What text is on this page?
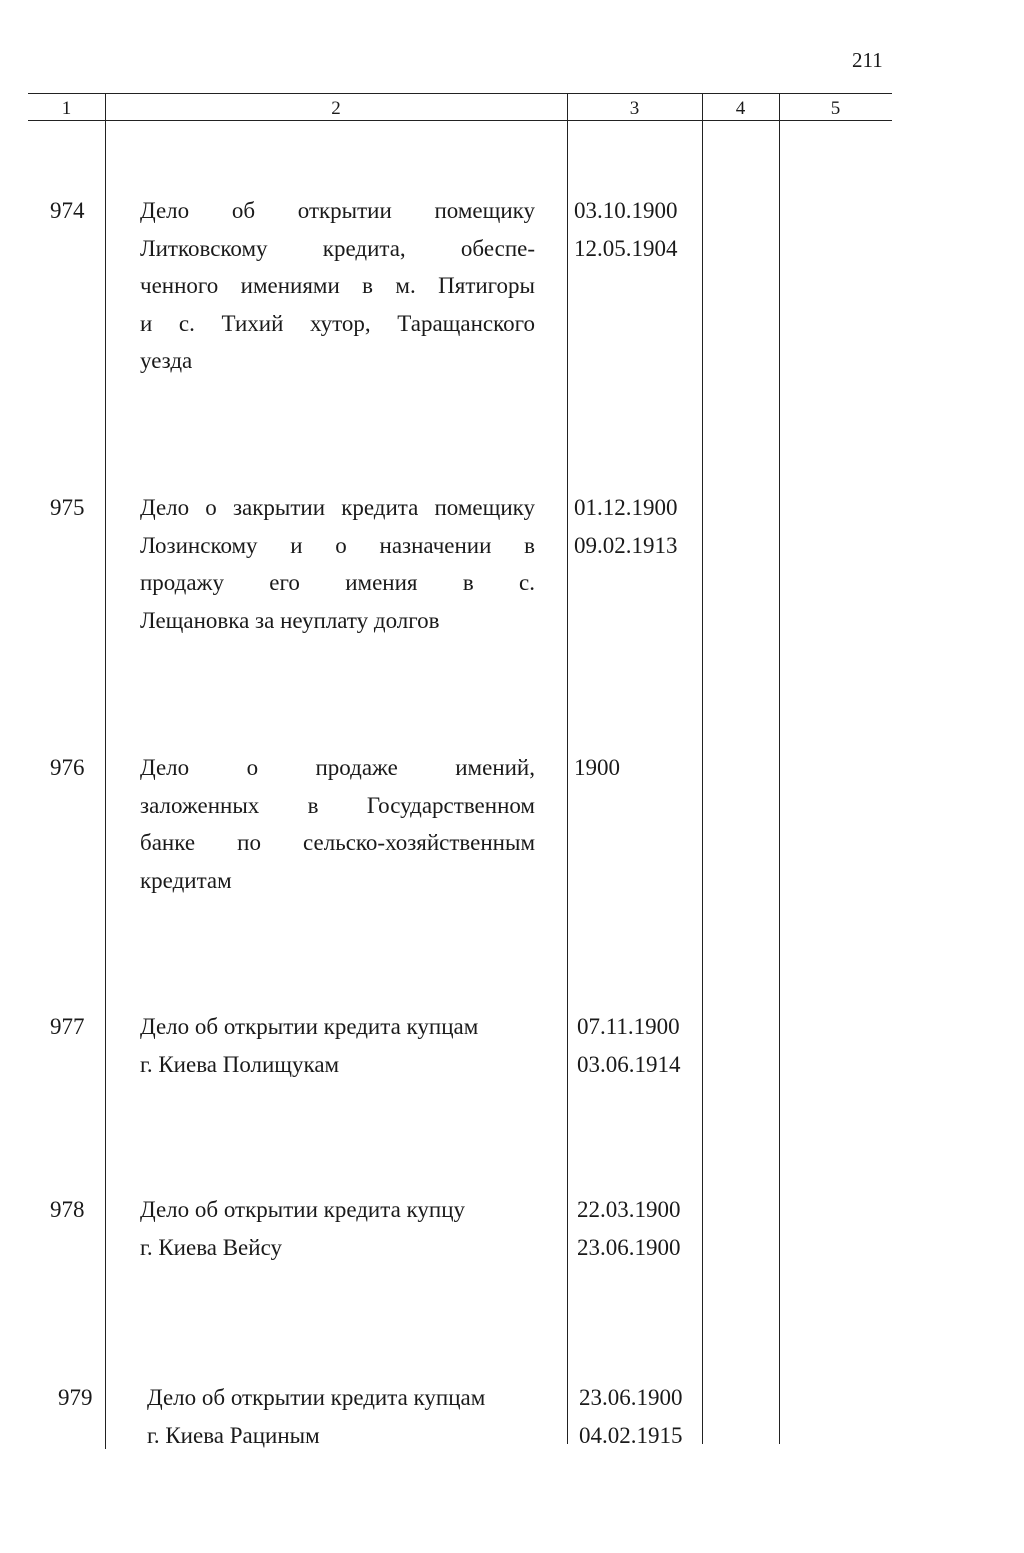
211
1	2	3	4	5
974 Дело об открытии помещику
Литковскому кредита, обеспе-
ченного имениями в м. Пятигоры
и с. Тихий хутор, Таращанского
уезда
03.10.1900
12.05.1904
975 Дело о закрытии кредита помещику
Лозинскому и о назначении в
продажу его имения в с.
Лещановка за неуплату долгов
01.12.1900
09.02.1913
976 Дело о продаже имений,
заложенных в Государственном
банке по сельско-хозяйственным
кредитам
1900
977 Дело об открытии кредита купцам
г. Киева Полищукам
07.11.1900
03.06.1914
978 Дело об открытии кредита купцу
г. Киева Вейсу
22.03.1900
23.06.1900
979 Дело об открытии кредита купцам
г. Киева Рациным
23.06.1900
04.02.1915
